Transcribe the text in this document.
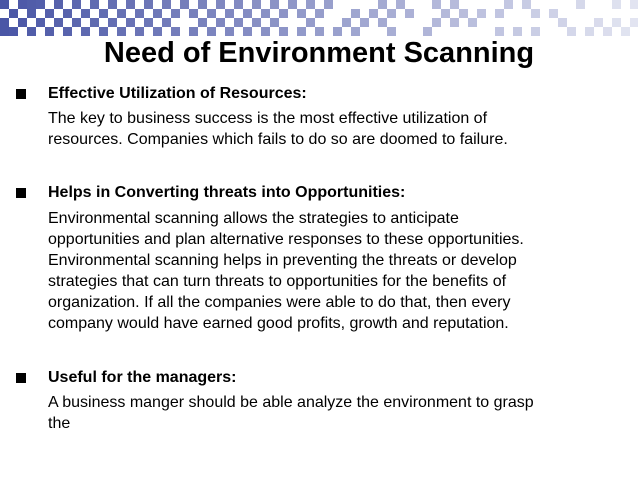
Need of Environment Scanning
Effective Utilization of Resources:
The key to business success is the most effective utilization of
resources. Companies which fails to do so are doomed to failure.
Helps in Converting threats into Opportunities:
Environmental scanning allows the strategies to anticipate
opportunities and plan alternative responses to these opportunities.
Environmental scanning helps in preventing the threats or develop
strategies that can turn threats to opportunities for the benefits of
organization. If all the companies were able to do that, then every
company would have earned good profits, growth and reputation.
Useful for the managers:
A business manger should be able analyze the environment to grasp
the
